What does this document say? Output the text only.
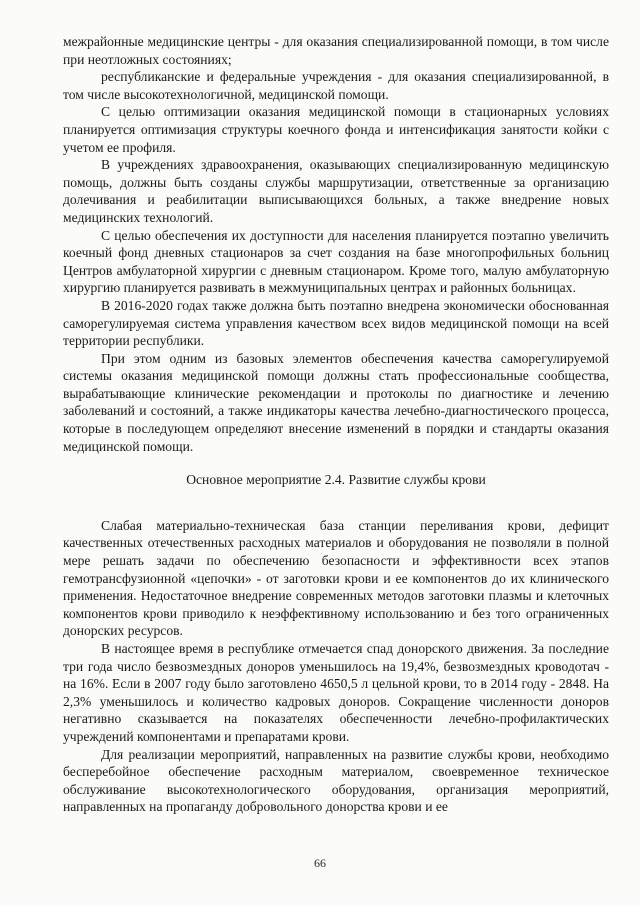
межрайонные медицинские центры - для оказания специализированной помощи, в том числе при неотложных состояниях;

республиканские и федеральные учреждения - для оказания специализированной, в том числе высокотехнологичной, медицинской помощи.

С целью оптимизации оказания медицинской помощи в стационарных условиях планируется оптимизация структуры коечного фонда и интенсификация занятости койки с учетом ее профиля.

В учреждениях здравоохранения, оказывающих специализированную медицинскую помощь, должны быть созданы службы маршрутизации, ответственные за организацию долечивания и реабилитации выписывающихся больных, а также внедрение новых медицинских технологий.

С целью обеспечения их доступности для населения планируется поэтапно увеличить коечный фонд дневных стационаров за счет создания на базе многопрофильных больниц Центров амбулаторной хирургии с дневным стационаром. Кроме того, малую амбулаторную хирургию планируется развивать в межмуниципальных центрах и районных больницах.

В 2016-2020 годах также должна быть поэтапно внедрена экономически обоснованная саморегулируемая система управления качеством всех видов медицинской помощи на всей территории республики.

При этом одним из базовых элементов обеспечения качества саморегулируемой системы оказания медицинской помощи должны стать профессиональные сообщества, вырабатывающие клинические рекомендации и протоколы по диагностике и лечению заболеваний и состояний, а также индикаторы качества лечебно-диагностического процесса, которые в последующем определяют внесение изменений в порядки и стандарты оказания медицинской помощи.

Основное мероприятие 2.4. Развитие службы крови

Слабая материально-техническая база станции переливания крови, дефицит качественных отечественных расходных материалов и оборудования не позволяли в полной мере решать задачи по обеспечению безопасности и эффективности всех этапов гемотрансфузионной «цепочки» - от заготовки крови и ее компонентов до их клинического применения. Недостаточное внедрение современных методов заготовки плазмы и клеточных компонентов крови приводило к неэффективному использованию и без того ограниченных донорских ресурсов.

В настоящее время в республике отмечается спад донорского движения. За последние три года число безвозмездных доноров уменьшилось на 19,4%, безвозмездных кроводотач - на 16%. Если в 2007 году было заготовлено 4650,5 л цельной крови, то в 2014 году - 2848. На 2,3% уменьшилось и количество кадровых доноров. Сокращение численности доноров негативно сказывается на показателях обеспеченности лечебно-профилактических учреждений компонентами и препаратами крови.

Для реализации мероприятий, направленных на развитие службы крови, необходимо бесперебойное обеспечение расходным материалом, своевременное техническое обслуживание высокотехнологического оборудования, организация мероприятий, направленных на пропаганду добровольного донорства крови и ее

66
